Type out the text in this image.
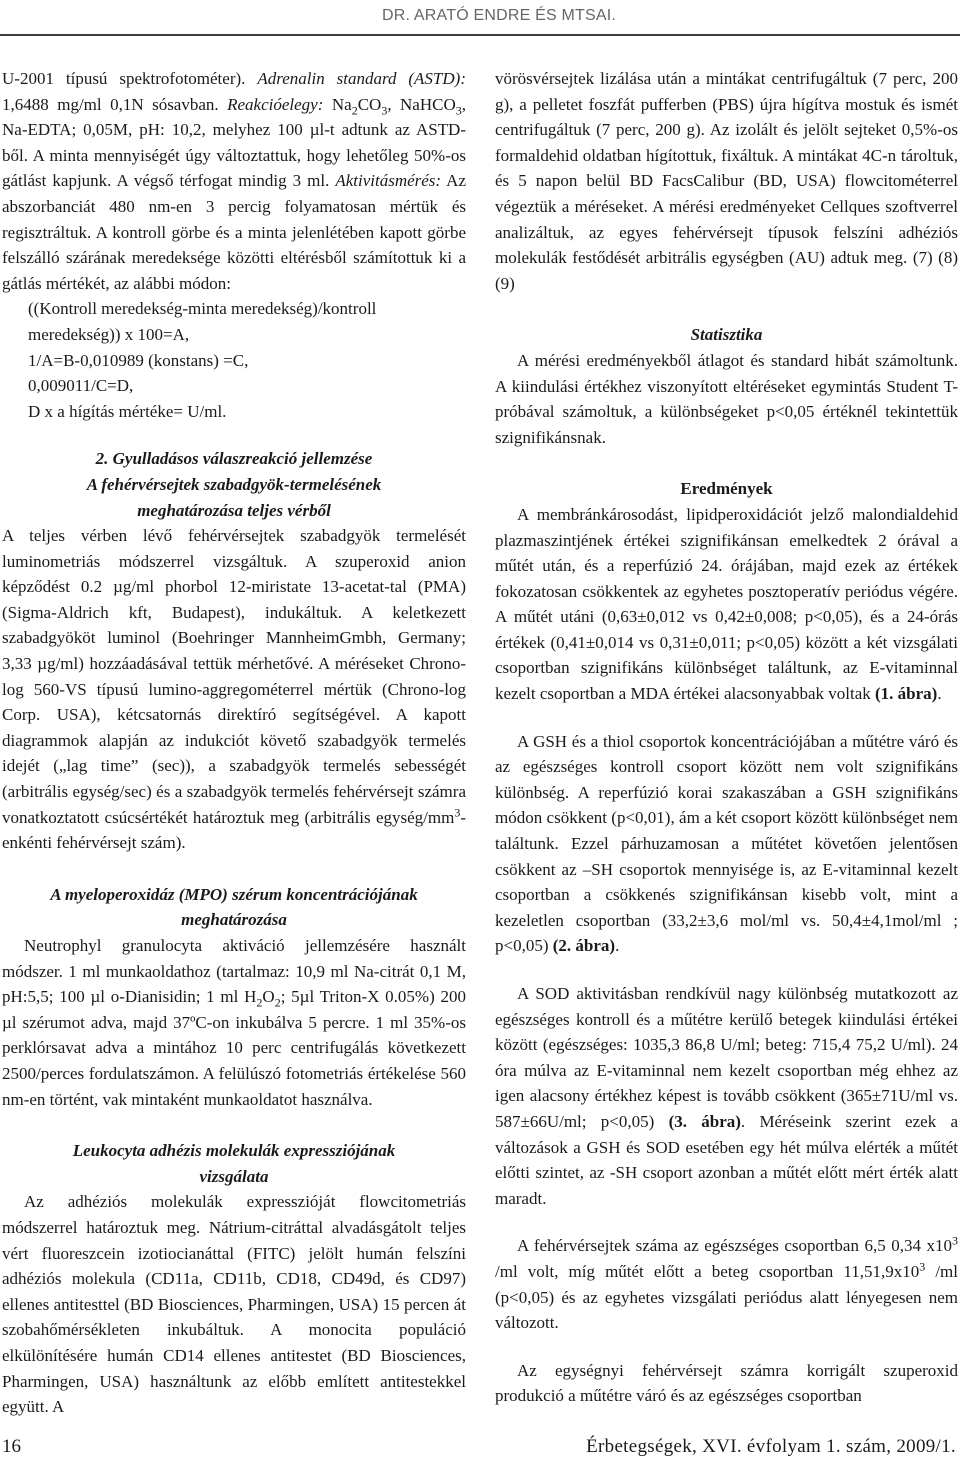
DR. ARATÓ ENDRE ÉS MTSAI.

U-2001 típusú spektrofotométer). Adrenalin standard (ASTD): 1,6488 mg/ml 0,1N sósavban. Reakcióelegy: $Na_2CO_3$, NaHCO$_3$, Na-EDTA; 0,05M, pH: 10,2, melyhez 100 µl-t adtunk az ASTD-ből. A minta mennyiségét úgy változtattuk, hogy lehetőleg 50%-os gátlást kapjunk. A végső térfogat mindig 3 ml. Aktivitásmérés: Az abszorbanciát 480 nm-en 3 percig folyamatosan mértük és regisztráltuk. A kontroll görbe és a minta jelenlétében kapott görbe felszálló szárának meredeksége közötti eltérésből számítottuk ki a gátlás mértékét, az alábbi módon:

((Kontroll meredekség-minta meredekség)/kontroll meredekség)) x 100=A,

1/A=B-0,010989 (konstans) =C,

0,009011/C=D,

D x a hígítás mértéke= U/ml.

2. Gyulladásos válaszreakció jellemzése

A fehérvérsejtek szabadgyök-termelésének

meghatározása teljes vérből

A teljes vérben lévő fehérvérsejtek szabadgyök termelését luminometriás módszerrel vizsgáltuk. A szuperoxid anion képződést 0.2 µg/ml phorbol 12-miristate 13-acetat-tal (PMA) (Sigma-Aldrich kft, Budapest), indukáltuk. A keletkezett szabadgyököt luminol (Boehringer MannheimGmbh, Germany; 3,33 µg/ml) hozzáadásával tettük mérhetővé. A méréseket Chrono-log 560-VS típusú lumino-aggregométerrel mértük (Chrono-log Corp. USA), kétcsatornás direktíró segítségével. A kapott diagrammok alapján az indukciót követő szabadgyök termelés idejét („lag time” (sec)), a szabadgyök termelés sebességét (arbitrális egység/sec) és a szabadgyök termelés fehérvérsejt számra vonatkoztatott csúcsértékét határoztuk meg (arbitrális egység/$mm^3$-enkénti fehérvérsejt szám).

A myeloperoxidáz (MPO) szérum koncentrációjának

meghatározása

Neutrophyl granulocyta aktiváció jellemzésére használt módszer. 1 ml munkaoldathoz (tartalmaz: 10,9 ml Na-citrát 0,1 M, pH:5,5; 100 µl o-Dianisidin; 1 ml $H_2O_2$; 5µl Triton-X 0.05%) 200 µl szérumot adva, majd 37ºC-on inkubálva 5 percre. 1 ml 35%-os perklórsavat adva a mintához 10 perc centrifugálás következett 2500/perces fordulatszámon. A felülúszó fotometriás értékelése 560 nm-en történt, vak mintaként munkaoldatot használva.

Leukocyta adhézis molekulák expressziójának

vizsgálata

Az adhéziós molekulák expresszióját flowcitometriás módszerrel határoztuk meg. Nátrium-citráttal alvadásgátolt teljes vért fluoreszcein izotiocianáttal (FITC) jelölt humán felszíni adhéziós molekula (CD11a, CD11b, CD18, CD49d, és CD97) ellenes antitesttel (BD Biosciences, Pharmingen, USA) 15 percen át szobahőmérsékleten inkubáltuk. A monocita populáció elkülönítésére humán CD14 ellenes antitestet (BD Biosciences, Pharmingen, USA) használtunk az előbb említett antitestekkel együtt. A

vörösvérsejtek lizálása után a mintákat centrifugáltuk (7 perc, 200 g), a pelletet foszfát pufferben (PBS) újra hígítva mostuk és ismét centrifugáltuk (7 perc, 200 g). Az izolált és jelölt sejteket 0,5%-os formaldehid oldatban hígítottuk, fixáltuk. A mintákat 4C-n tároltuk, és 5 napon belül BD FacsCalibur (BD, USA) flowcitométerrel végeztük a méréseket. A mérési eredményeket Cellques szoftverrel analizáltuk, az egyes fehérvérsejt típusok felszíni adhéziós molekulák festődését arbitrális egységben (AU) adtuk meg. (7) (8) (9)

Statisztika

A mérési eredményekből átlagot és standard hibát számoltunk. A kiindulási értékhez viszonyított eltéréseket egymintás Student T-próbával számoltuk, a különbségeket p<0,05 értéknél tekintettük szignifikánsnak.

Eredmények

A membránkárosodást, lipidperoxidációt jelző malondialdehid plazmaszintjének értékei szignifikánsan emelkedtek 2 órával a műtét után, és a reperfúzió 24. órájában, majd ezek az értékek fokozatosan csökkentek az egyhetes posztoperatív periódus végére. A műtét utáni (0,63±0,012 vs 0,42±0,008; p<0,05), és a 24-órás értékek (0,41±0,014 vs 0,31±0,011; p<0,05) között a két vizsgálati csoportban szignifikáns különbséget találtunk, az E-vitaminnal kezelt csoportban a MDA értékei alacsonyabbak voltak (1. ábra).

A GSH és a thiol csoportok koncentrációjában a műtétre váró és az egészséges kontroll csoport között nem volt szignifikáns különbség. A reperfúzió korai szakaszában a GSH szignifikáns módon csökkent (p<0,01), ám a két csoport között különbséget nem találtunk. Ezzel párhuzamosan a műtétet követően jelentősen csökkent az –SH csoportok mennyisége is, az E-vitaminnal kezelt csoportban a csökkenés szignifikánsan kisebb volt, mint a kezeletlen csoportban (33,2±3,6 mol/ml vs. 50,4±4,1mol/ml ; p<0,05) (2. ábra).

A SOD aktivitásban rendkívül nagy különbség mutatkozott az egészséges kontroll és a műtétre kerülő betegek kiindulási értékei között (egészséges: 1035,3 86,8 U/ml; beteg: 715,4 75,2 U/ml). 24 óra múlva az E-vitaminnal nem kezelt csoportban még ehhez az igen alacsony értékhez képest is tovább csökkent (365±71U/ml vs. 587±66U/ml; p<0,05) (3. ábra). Méréseink szerint ezek a változások a GSH és SOD esetében egy hét múlva elérték a műtét előtti szintet, az -SH csoport azonban a műtét előtt mért érték alatt maradt.

A fehérvérsejtek száma az egészséges csoportban 6,5 0,34 $x10^3$ /ml volt, míg műtét előtt a beteg csoportban $11,51,9x10^3$ /ml (p<0,05) és az egyhetes vizsgálati periódus alatt lényegesen nem változott.

Az egységnyi fehérvérsejt számra korrigált szuperoxid produkció a műtétre váró és az egészséges csoportban

16	Érbetegségek, XVI. évfolyam 1. szám, 2009/1.
